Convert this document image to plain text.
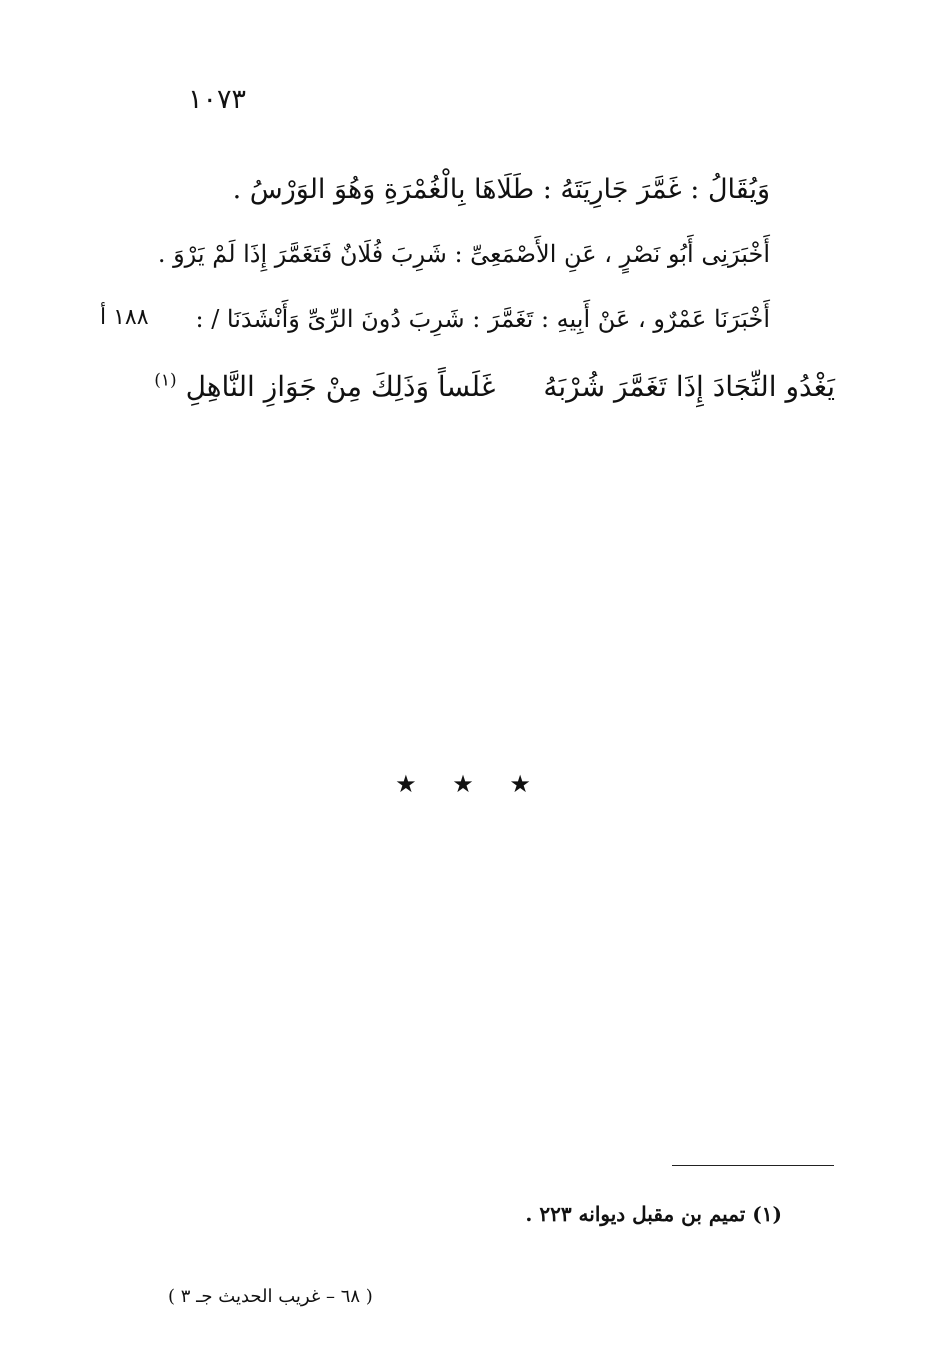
١٠٧٣
وَيُقَالُ : غَمَّرَ جَارِيَتَهُ : طَلَاهَا بِالْغُمْرَةِ وَهُوَ الوَرْسُ .
أَخْبَرَنِى أَبُو نَصْرٍ ، عَنِ الأَصْمَعِىِّ : شَرِبَ فُلَانٌ فَتَغَمَّرَ إِذَا لَمْ يَرْوَ .
أَخْبَرَنَا عَمْرٌو ، عَنْ أَبِيهِ : تَغَمَّرَ : شَرِبَ دُونَ الرِّىِّ وَأَنْشَدَنَا / :
١٨٨ أ
يَغْدُو النِّجَادَ إِذَا تَغَمَّرَ شُرْبَهُ
غَلَساً وَذَلِكَ مِنْ جَوَازِ النَّاهِلِ $^{(١)}$
★ ★ ★
(١) تميم بن مقبل ديوانه ٢٢٣ .
( ٦٨ – غريب الحديث جـ ٣ )
